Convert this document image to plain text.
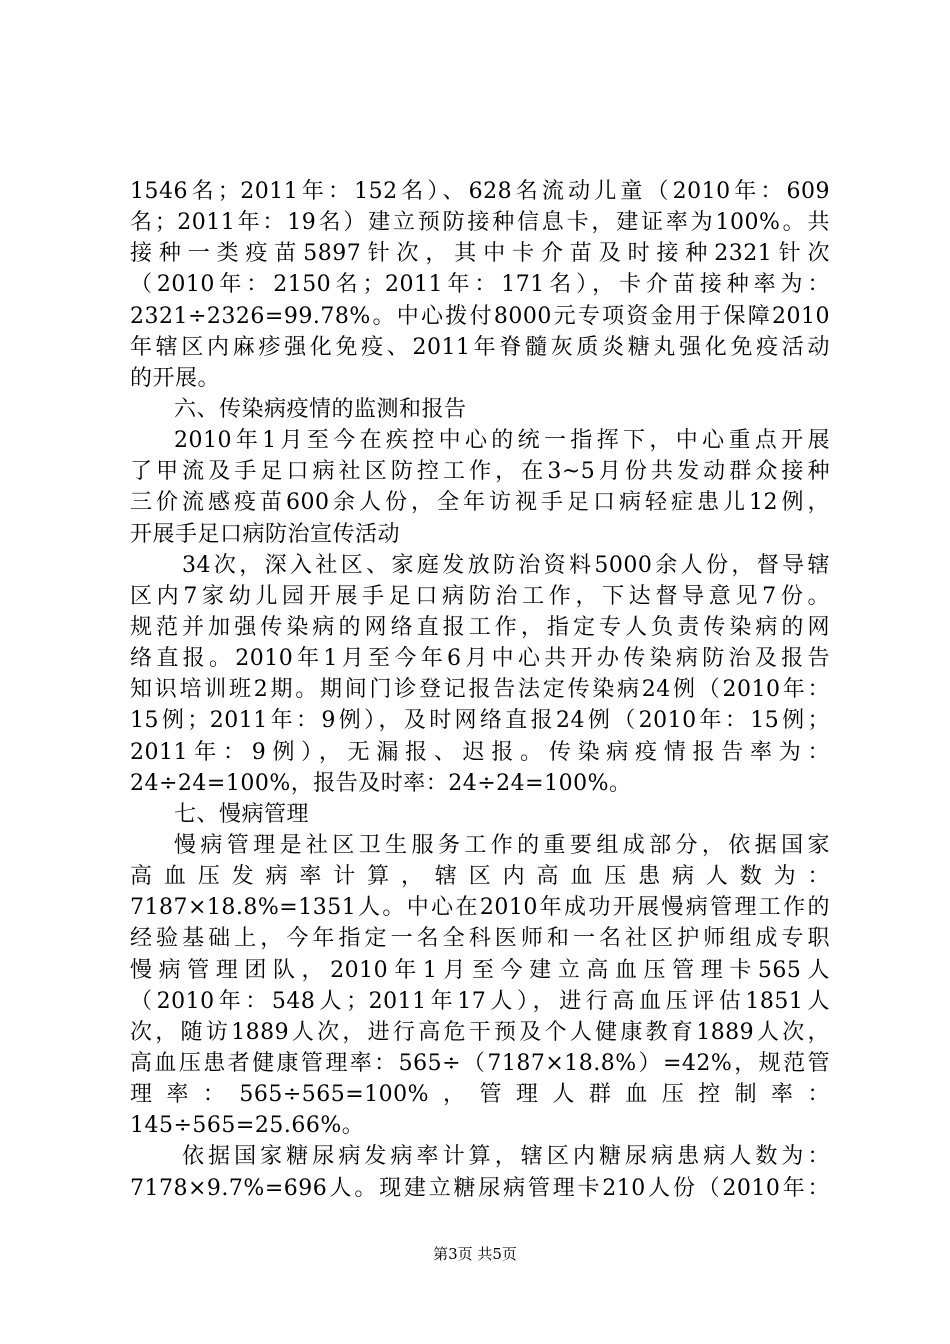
1546名；2011年：152名）、628名流动儿童（2010年：609
名；2011年：19名）建立预防接种信息卡，建证率为100%。共
接种一类疫苗5897针次，其中卡介苗及时接种2321针次
（2010年：2150名；2011年：171名），卡介苗接种率为：
2321÷2326=99.78%。中心拨付8000元专项资金用于保障2010
年辖区内麻疹强化免疫、2011年脊髓灰质炎糖丸强化免疫活动
的开展。
六、传染病疫情的监测和报告
2010年1月至今在疾控中心的统一指挥下，中心重点开展
了甲流及手足口病社区防控工作，在3~5月份共发动群众接种
三价流感疫苗600余人份，全年访视手足口病轻症患儿12例，
开展手足口病防治宣传活动
34次，深入社区、家庭发放防治资料5000余人份，督导辖
区内7家幼儿园开展手足口病防治工作，下达督导意见7份。
规范并加强传染病的网络直报工作，指定专人负责传染病的网
络直报。2010年1月至今年6月中心共开办传染病防治及报告
知识培训班2期。期间门诊登记报告法定传染病24例（2010年：
15例；2011年：9例），及时网络直报24例（2010年：15例；
2011年：9例），无漏报、迟报。传染病疫情报告率为：
24÷24=100%，报告及时率：24÷24=100%。
七、慢病管理
慢病管理是社区卫生服务工作的重要组成部分，依据国家
高血压发病率计算，辖区内高血压患病人数为：
7187×18.8%=1351人。中心在2010年成功开展慢病管理工作的
经验基础上，今年指定一名全科医师和一名社区护师组成专职
慢病管理团队，2010年1月至今建立高血压管理卡565人
（2010年：548人；2011年17人），进行高血压评估1851人
次，随访1889人次，进行高危干预及个人健康教育1889人次，
高血压患者健康管理率：565÷（7187×18.8%）=42%，规范管
理率：565÷565=100%，管理人群血压控制率：
145÷565=25.66%。
依据国家糖尿病发病率计算，辖区内糖尿病患病人数为：
7178×9.7%=696人。现建立糖尿病管理卡210人份（2010年：
第3页 共5页
